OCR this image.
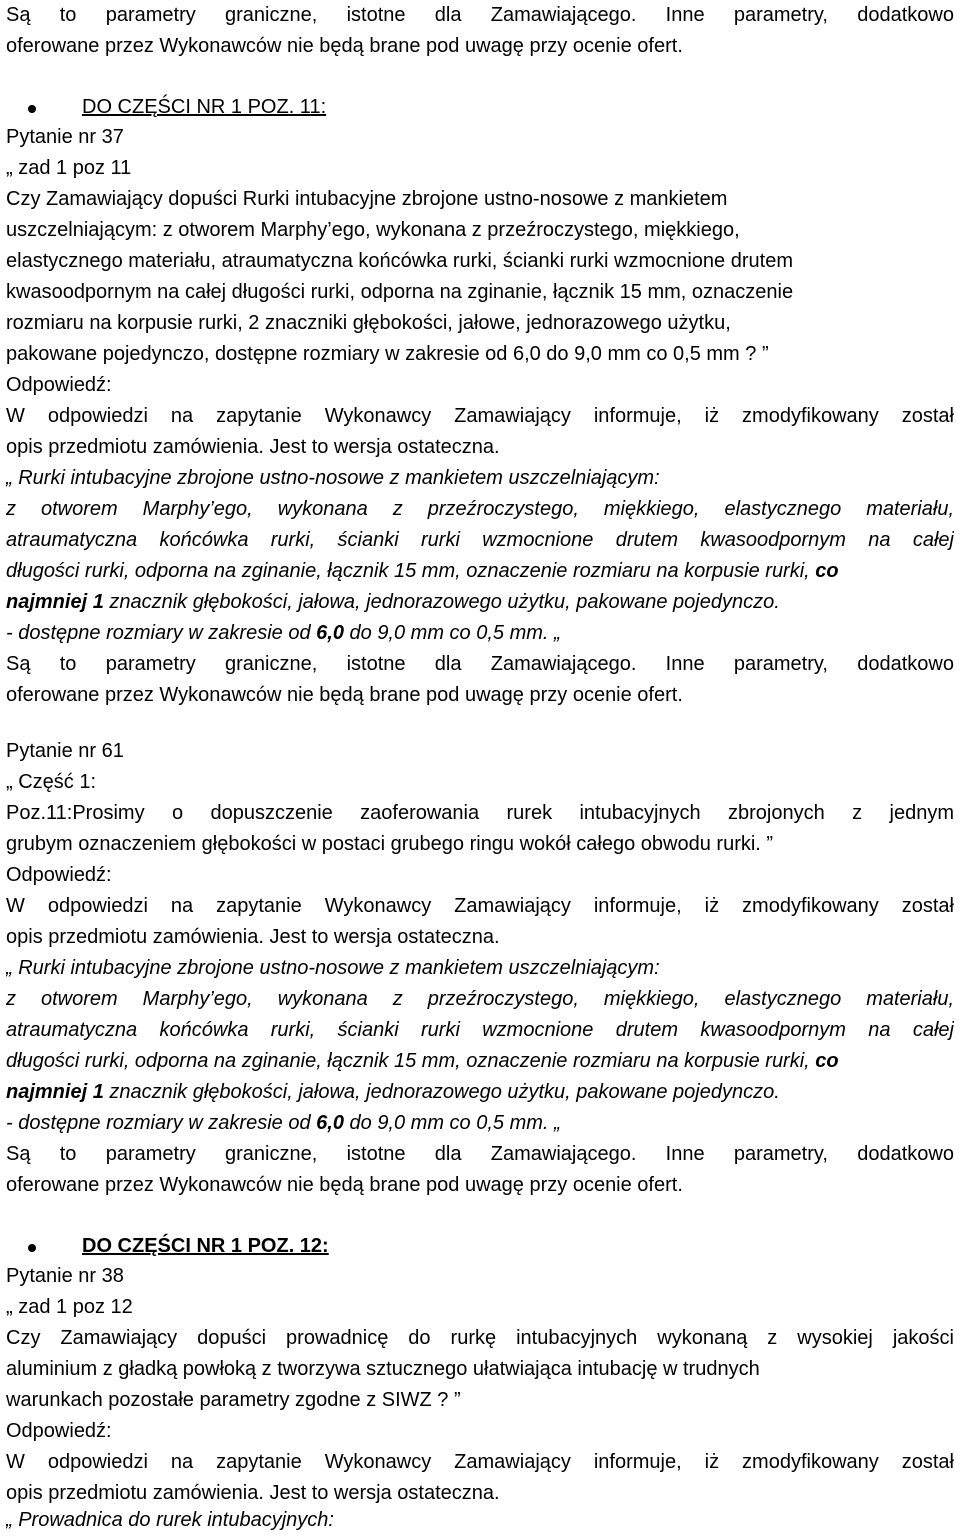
Są to parametry graniczne, istotne dla Zamawiającego. Inne parametry, dodatkowo
oferowane przez Wykonawców nie będą brane pod uwagę przy ocenie ofert.
DO CZĘŚCI NR 1 POZ. 11:
Pytanie nr 37
„ zad 1 poz 11
Czy Zamawiający dopuści Rurki intubacyjne zbrojone ustno-nosowe z mankietem
uszczelniającym: z otworem Marphy’ego, wykonana z przeźroczystego, miękkiego,
elastycznego materiału, atraumatyczna końcówka rurki, ścianki rurki wzmocnione drutem
kwasoodpornym na całej długości rurki, odporna na zginanie, łącznik 15 mm, oznaczenie
rozmiaru na korpusie rurki, 2 znaczniki głębokości, jałowe, jednorazowego użytku,
pakowane pojedynczo, dostępne rozmiary w zakresie od 6,0 do 9,0 mm co 0,5 mm ? ”
Odpowiedź:
W odpowiedzi na zapytanie Wykonawcy Zamawiający informuje, iż zmodyfikowany został
opis przedmiotu zamówienia. Jest to wersja ostateczna.
„ Rurki intubacyjne zbrojone ustno-nosowe z mankietem uszczelniającym:
z otworem Marphy’ego, wykonana z przeźroczystego, miękkiego, elastycznego materiału,
atraumatyczna końcówka rurki, ścianki rurki wzmocnione drutem kwasoodpornym na całej
długości rurki, odporna na zginanie, łącznik 15 mm, oznaczenie rozmiaru na korpusie rurki, co
najmniej 1 znacznik głębokości, jałowa, jednorazowego użytku, pakowane pojedynczo.
- dostępne rozmiary w zakresie od 6,0 do 9,0 mm co 0,5 mm. „
Są to parametry graniczne, istotne dla Zamawiającego. Inne parametry, dodatkowo
oferowane przez Wykonawców nie będą brane pod uwagę przy ocenie ofert.
Pytanie nr 61
„ Część 1:
Poz.11:Prosimy o dopuszczenie zaoferowania rurek intubacyjnych zbrojonych z jednym
grubym oznaczeniem głębokości w postaci grubego ringu wokół całego obwodu rurki. ”
Odpowiedź:
W odpowiedzi na zapytanie Wykonawcy Zamawiający informuje, iż zmodyfikowany został
opis przedmiotu zamówienia. Jest to wersja ostateczna.
„ Rurki intubacyjne zbrojone ustno-nosowe z mankietem uszczelniającym:
z otworem Marphy’ego, wykonana z przeźroczystego, miękkiego, elastycznego materiału,
atraumatyczna końcówka rurki, ścianki rurki wzmocnione drutem kwasoodpornym na całej
długości rurki, odporna na zginanie, łącznik 15 mm, oznaczenie rozmiaru na korpusie rurki, co
najmniej 1 znacznik głębokości, jałowa, jednorazowego użytku, pakowane pojedynczo.
- dostępne rozmiary w zakresie od 6,0 do 9,0 mm co 0,5 mm. „
Są to parametry graniczne, istotne dla Zamawiającego. Inne parametry, dodatkowo
oferowane przez Wykonawców nie będą brane pod uwagę przy ocenie ofert.
DO CZĘŚCI NR 1 POZ. 12:
Pytanie nr 38
„ zad 1 poz 12
Czy Zamawiający dopuści prowadnicę do rurkę intubacyjnych wykonaną z wysokiej jakości
aluminium z gładką powłoką z tworzywa sztucznego ułatwiająca intubację w trudnych
warunkach pozostałe parametry zgodne z SIWZ ? ”
Odpowiedź:
W odpowiedzi na zapytanie Wykonawcy Zamawiający informuje, iż zmodyfikowany został
opis przedmiotu zamówienia. Jest to wersja ostateczna.
„ Prowadnica do rurek intubacyjnych:
